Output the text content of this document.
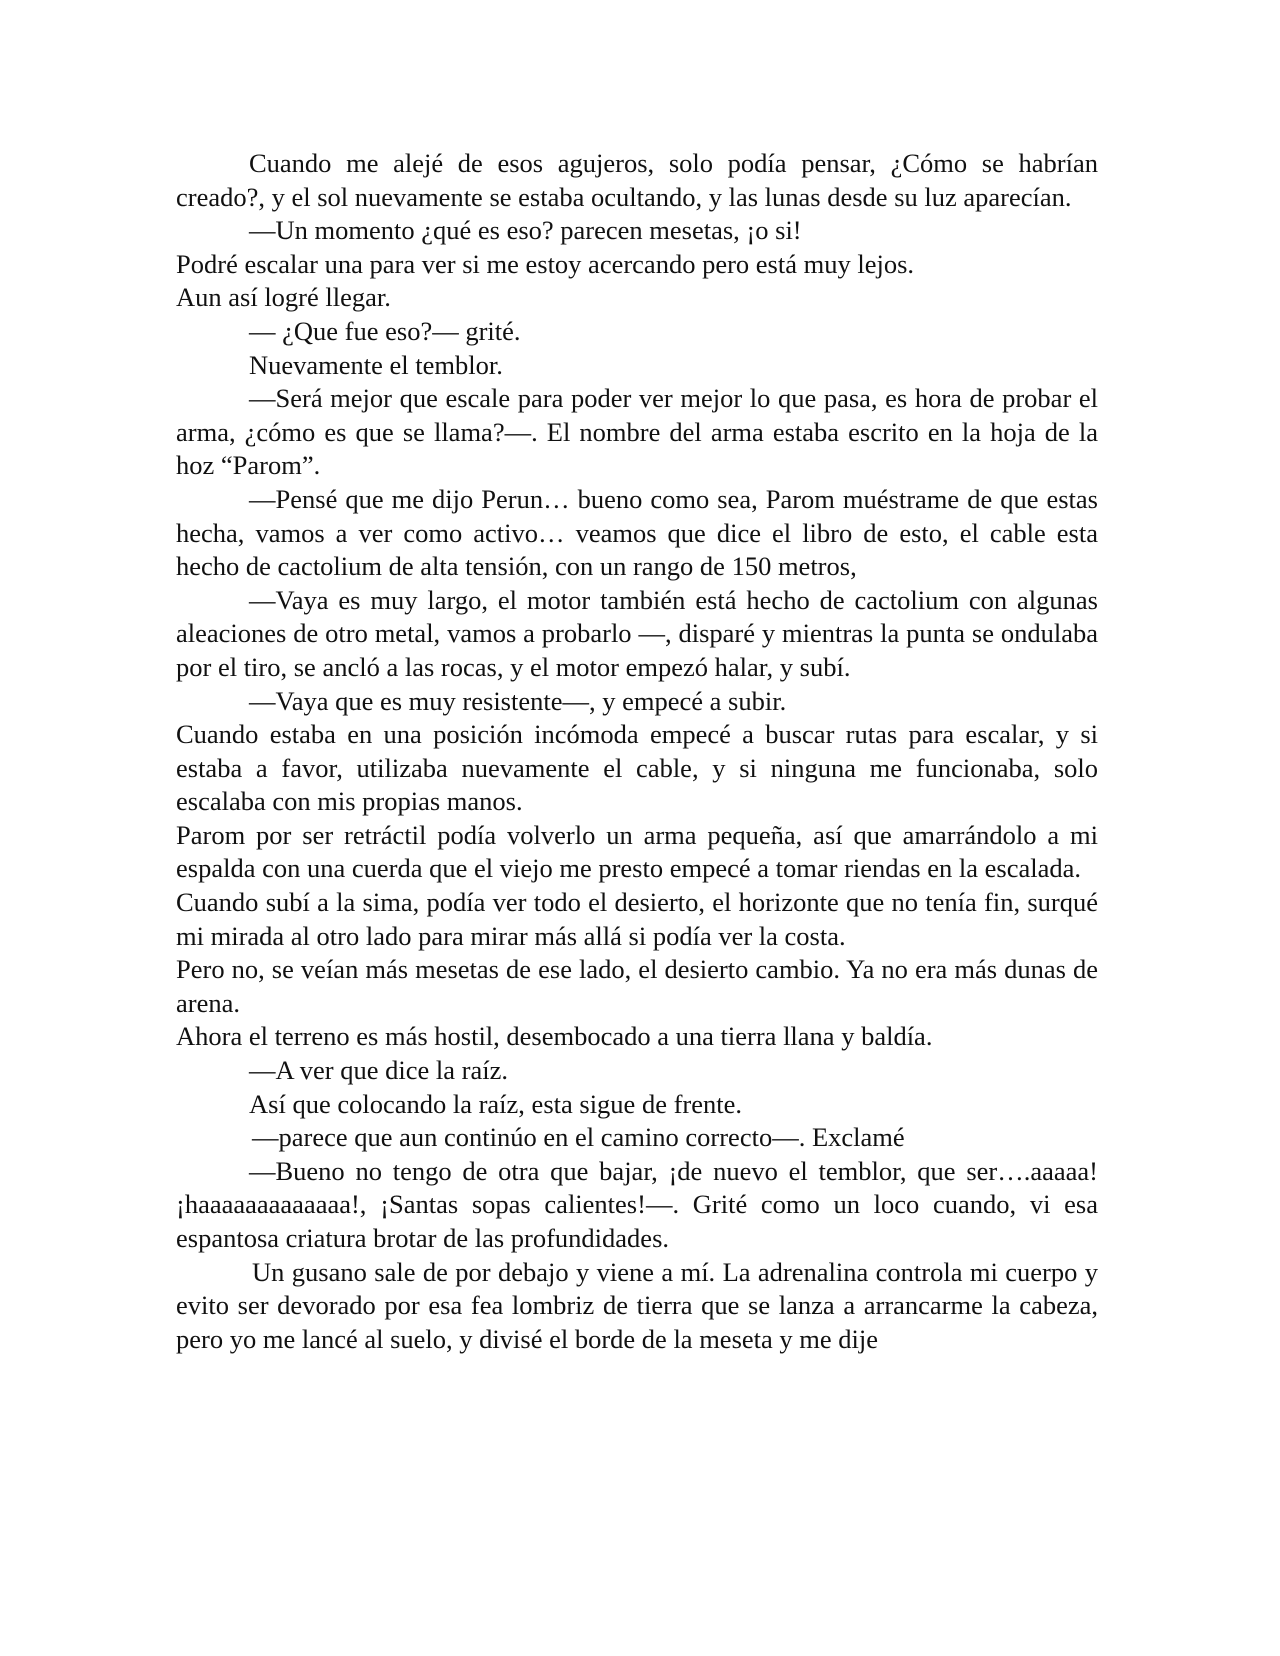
Cuando me alejé de esos agujeros, solo podía pensar, ¿Cómo se habrían creado?, y el sol nuevamente se estaba ocultando, y las lunas desde su luz aparecían.

—Un momento ¿qué es eso? parecen mesetas, ¡o si!

Podré escalar una para ver si me estoy acercando pero está muy lejos.

Aun así logré llegar.

— ¿Que fue eso?— grité.

Nuevamente el temblor.

—Será mejor que escale para poder ver mejor lo que pasa, es hora de probar el arma, ¿cómo es que se llama?—. El nombre del arma estaba escrito en la hoja de la hoz “Parom”.

—Pensé que me dijo Perun… bueno como sea, Parom muéstrame de que estas hecha, vamos a ver como activo… veamos que dice el libro de esto, el cable esta hecho de cactolium de alta tensión, con un rango de 150 metros,

—Vaya es muy largo, el motor también está hecho de cactolium con algunas aleaciones de otro metal, vamos a probarlo —, disparé y mientras la punta se ondulaba por el tiro, se ancló a las rocas, y el motor empezó halar, y subí.

—Vaya que es muy resistente—, y empecé a subir.

Cuando estaba en una posición incómoda empecé a buscar rutas para escalar, y si estaba a favor, utilizaba nuevamente el cable, y si ninguna me funcionaba, solo escalaba con mis propias manos.

Parom por ser retráctil podía volverlo un arma pequeña, así que amarrándolo a mi espalda con una cuerda que el viejo me presto empecé a tomar riendas en la escalada.

Cuando subí a la sima, podía ver todo el desierto, el horizonte que no tenía fin, surqué mi mirada al otro lado para mirar más allá si podía ver la costa.

Pero no, se veían más mesetas de ese lado, el desierto cambio. Ya no era más dunas de arena.

Ahora el terreno es más hostil, desembocado a una tierra llana y baldía.

—A ver que dice la raíz.

Así que colocando la raíz, esta sigue de frente.

—parece que aun continúo en el camino correcto—. Exclamé

—Bueno no tengo de otra que bajar, ¡de nuevo el temblor, que ser….aaaaa! ¡haaaaaaaaaaaaa!, ¡Santas sopas calientes!—. Grité como un loco cuando, vi esa espantosa criatura brotar de las profundidades.

Un gusano sale de por debajo y viene a mí. La adrenalina controla mi cuerpo y evito ser devorado por esa fea lombriz de tierra que se lanza a arrancarme la cabeza, pero yo me lancé al suelo, y divisé el borde de la meseta y me dije
